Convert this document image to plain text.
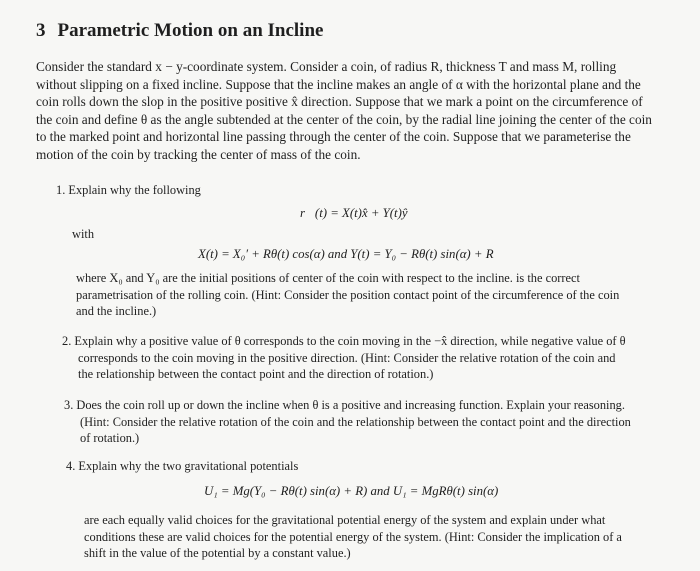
3 Parametric Motion on an Incline
Consider the standard x − y-coordinate system. Consider a coin, of radius R, thickness T and mass M, rolling
without slipping on a fixed incline. Suppose that the incline makes an angle of α with the horizontal plane and the
coin rolls down the slop in the positive positive x̂ direction. Suppose that we mark a point on the circumference of
the coin and define θ as the angle subtended at the center of the coin, by the radial line joining the center of the coin
to the marked point and horizontal line passing through the center of the coin. Suppose that we parameterise the
motion of the coin by tracking the center of mass of the coin.
1. Explain why the following
r⃗(t) = X(t)x̂ + Y(t)ŷ
with
X(t) = X₀′ + Rθ(t) cos(α) and Y(t) = Y₀ − Rθ(t) sin(α) + R
where X₀ and Y₀ are the initial positions of center of the coin with respect to the incline. is the correct
parametrisation of the rolling coin. (Hint: Consider the position contact point of the circumference of the coin
and the incline.)
2. Explain why a positive value of θ corresponds to the coin moving in the −x̂ direction, while negative value of θ
corresponds to the coin moving in the positive direction. (Hint: Consider the relative rotation of the coin and
the relationship between the contact point and the direction of rotation.)
3. Does the coin roll up or down the incline when θ is a positive and increasing function. Explain your reasoning.
(Hint: Consider the relative rotation of the coin and the relationship between the contact point and the direction
of rotation.)
4. Explain why the two gravitational potentials
U₁ = Mg(Y₀ − Rθ(t) sin(α) + R) and U₁ = MgRθ(t) sin(α)
are each equally valid choices for the gravitational potential energy of the system and explain under what
conditions these are valid choices for the potential energy of the system. (Hint: Consider the implication of a
shift in the value of the potential by a constant value.)
